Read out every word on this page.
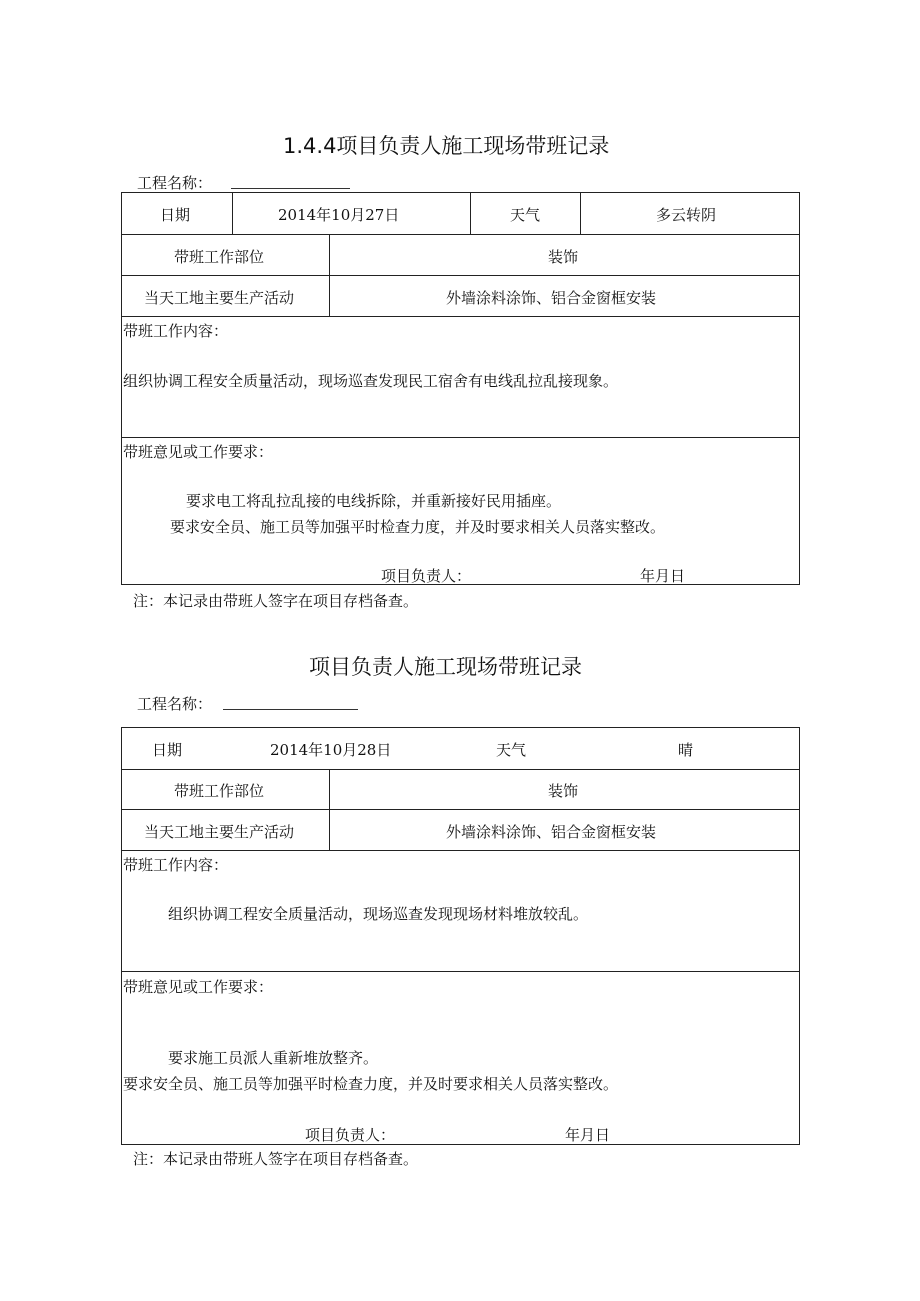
1.4.4项目负责人施工现场带班记录
工程名称：
日期	2014年10月27日	天气	多云转阴
带班工作部位	装饰
当天工地主要生产活动	外墙涂料涂饰、铝合金窗框安装
带班工作内容：
组织协调工程安全质量活动，现场巡查发现民工宿舍有电线乱拉乱接现象。
带班意见或工作要求：
要求电工将乱拉乱接的电线拆除，并重新接好民用插座。
要求安全员、施工员等加强平时检查力度，并及时要求相关人员落实整改。
项目负责人：	年月日
注：本记录由带班人签字在项目存档备查。
项目负责人施工现场带班记录
工程名称：
日期	2014年10月28日	天气	晴
带班工作部位	装饰
当天工地主要生产活动	外墙涂料涂饰、铝合金窗框安装
带班工作内容：
组织协调工程安全质量活动，现场巡查发现现场材料堆放较乱。
带班意见或工作要求：
要求施工员派人重新堆放整齐。
要求安全员、施工员等加强平时检查力度，并及时要求相关人员落实整改。
项目负责人：	年月日
注：本记录由带班人签字在项目存档备查。
